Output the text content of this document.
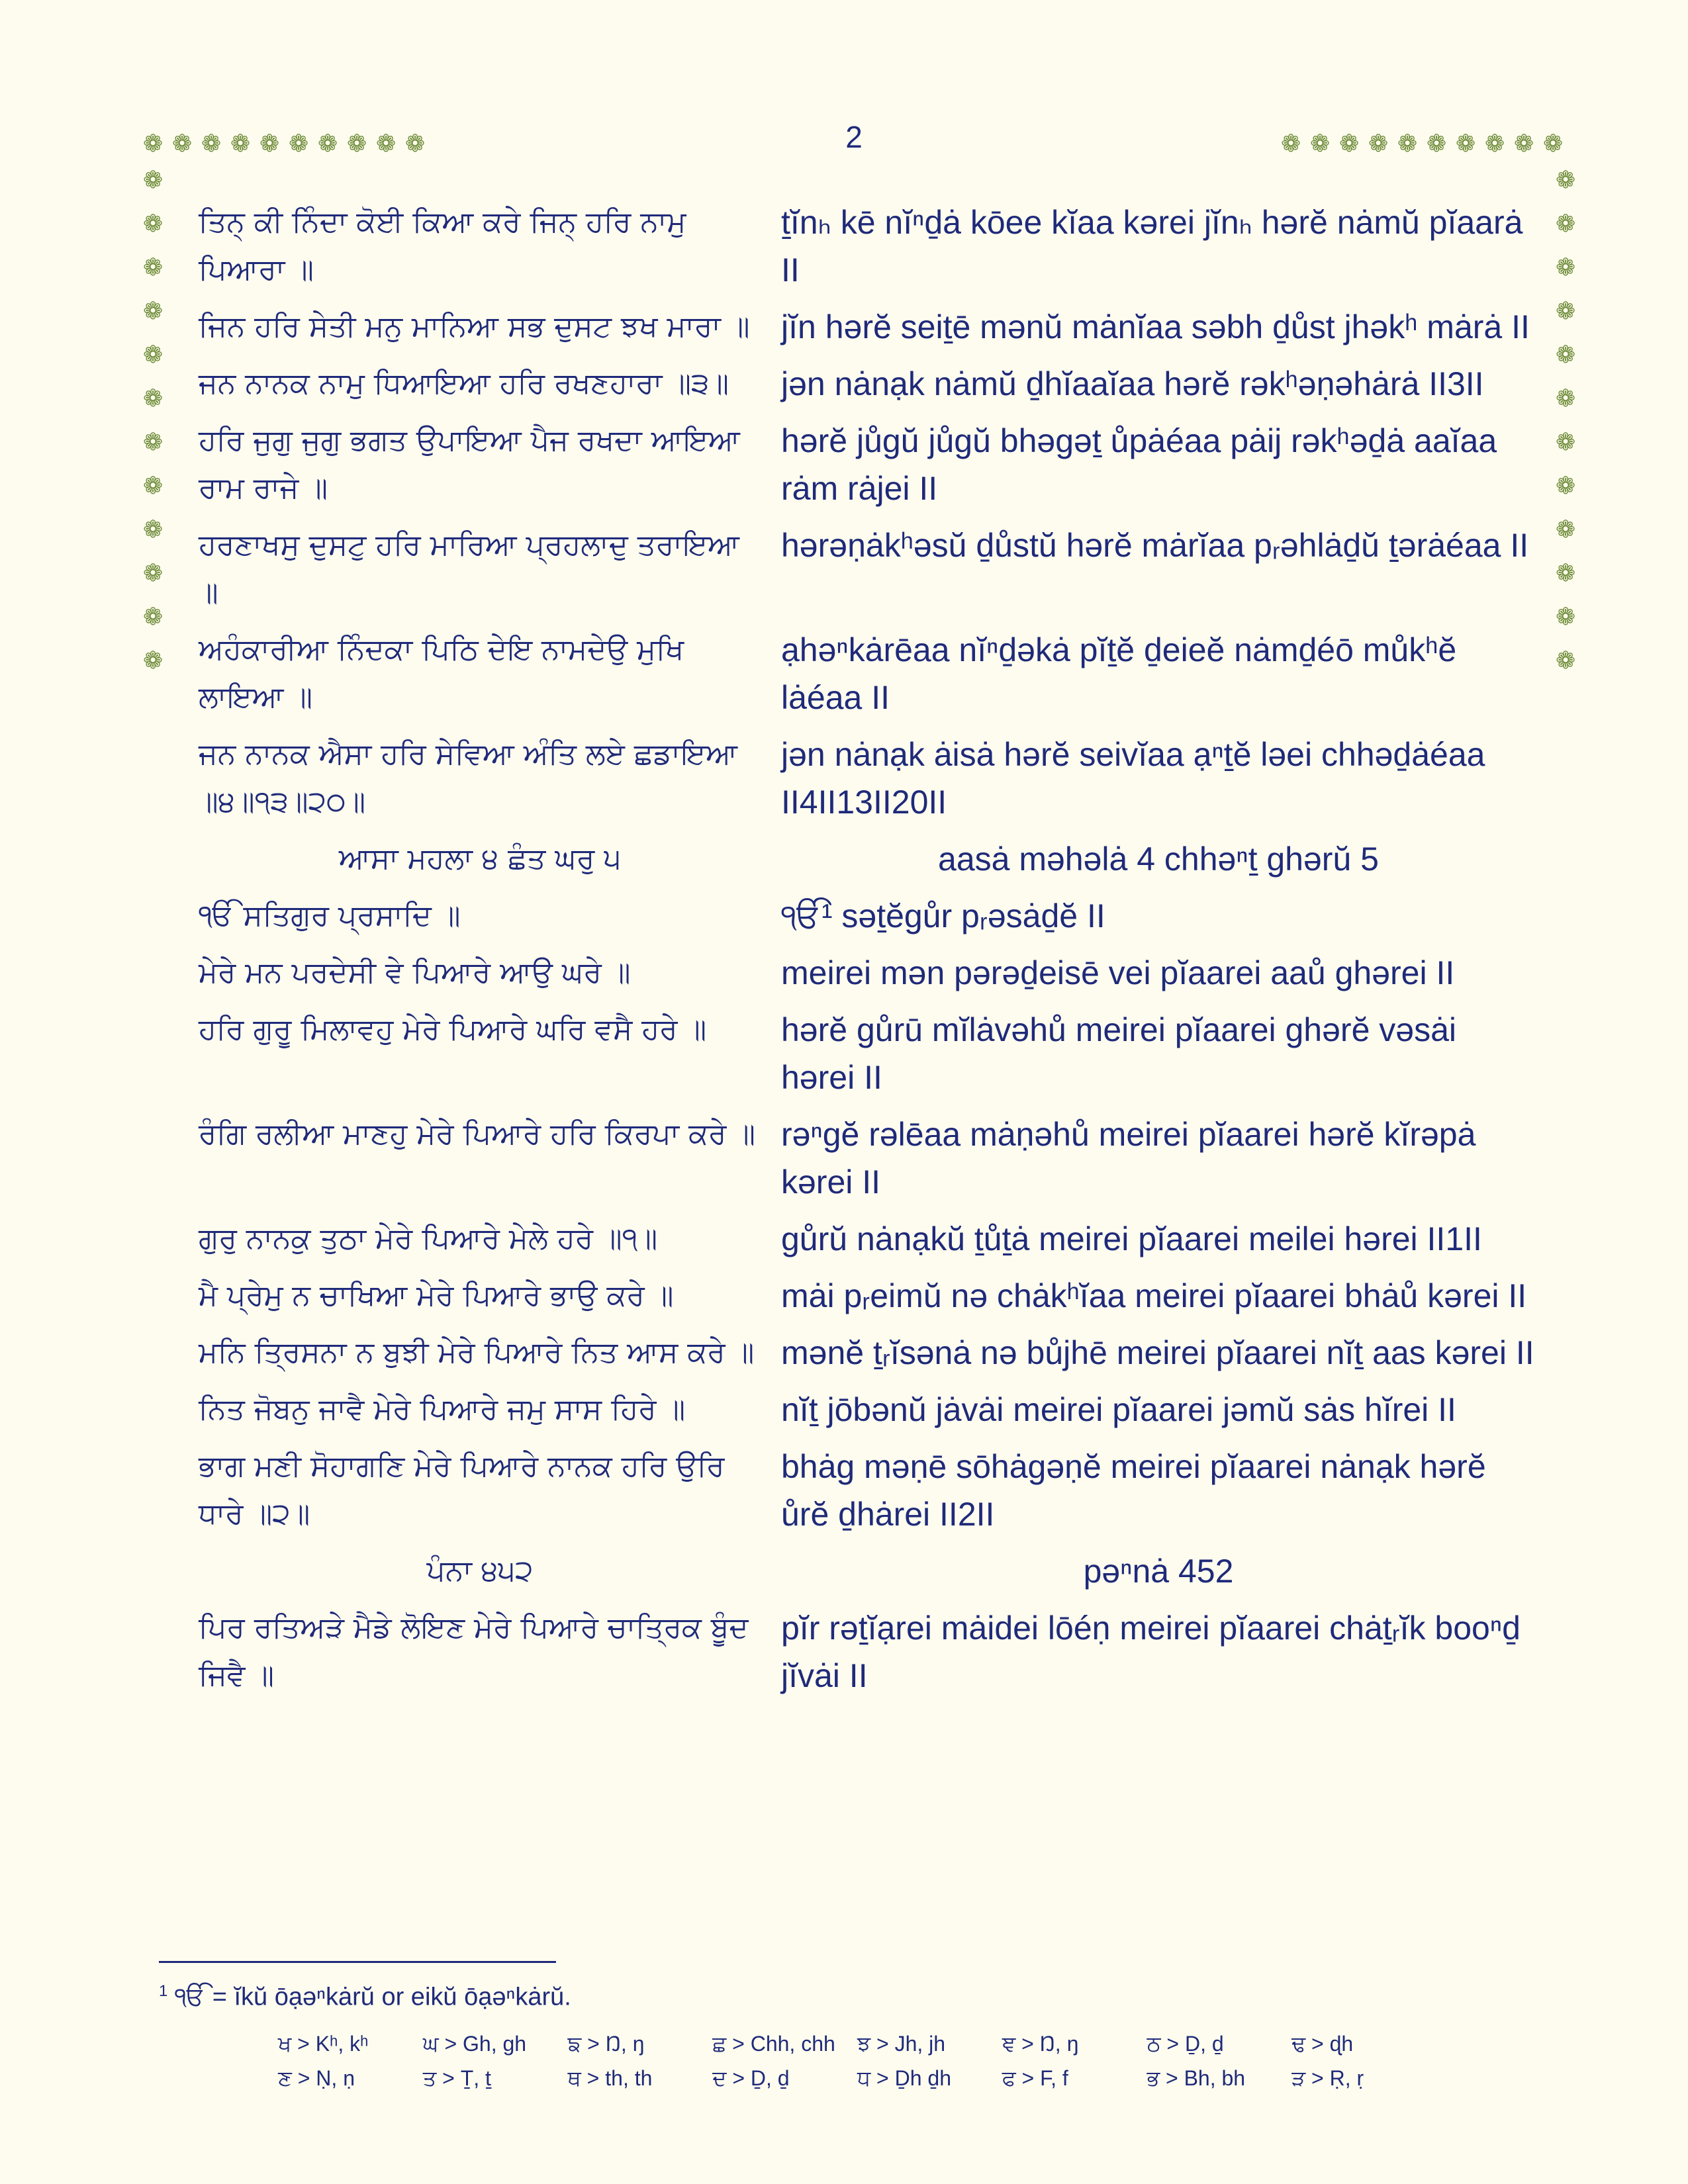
2
❁ ❁ ❁ ❁ ❁ ❁ ❁ ❁ ❁ ❁	❁ ❁ ❁ ❁ ❁ ❁ ❁ ❁ ❁ ❁
❁
❁
❁
❁
❁
❁
❁
❁
❁
❁
❁
❁
❁
❁
❁
❁
❁
❁
❁
❁
❁
❁
❁
❁
ਤਿਨ੍ ਕੀ ਨਿੰਦਾ ਕੋਈ ਕਿਆ ਕਰੇ ਜਿਨ੍ ਹਰਿ ਨਾਮੁ ਪਿਆਰਾ ॥
ṯĭnₕ kē nĭⁿḏȧ kōee kĭaa kərei jĭnₕ hərĕ nȧmŭ pĭaarȧ II
ਜਿਨ ਹਰਿ ਸੇਤੀ ਮਨੁ ਮਾਨਿਆ ਸਭ ਦੁਸਟ ਝਖ ਮਾਰਾ ॥ jĭn hərĕ seiṯē mənŭ mȧnĭaa səbh ḏůst jhəkʰ mȧrȧ II
ਜਨ ਨਾਨਕ ਨਾਮੁ ਧਿਆਇਆ ਹਰਿ ਰਖਣਹਾਰਾ ॥੩॥	jən nȧnạk nȧmŭ ḏhĭaaĭaa hərĕ rəkʰəṇəhȧrȧ II3II
ਹਰਿ ਜੁਗੁ ਜੁਗੁ ਭਗਤ ਉਪਾਇਆ ਪੈਜ ਰਖਦਾ ਆਇਆ ਰਾਮ ਰਾਜੇ ॥
hərĕ jůgŭ jůgŭ bhəgəṯ ůpȧéaa pȧij rəkʰəḏȧ aaĭaa rȧm rȧjei II
ਹਰਣਾਖਸੁ ਦੁਸਟੁ ਹਰਿ ਮਾਰਿਆ ਪ੍ਰਹਲਾਦੁ ਤਰਾਇਆ ॥
hərəṇȧkʰəsŭ ḏůstŭ hərĕ mȧrĭaa pᵣəhlȧḏŭ ṯərȧéaa II
ਅਹੰਕਾਰੀਆ ਨਿੰਦਕਾ ਪਿਠਿ ਦੇਇ ਨਾਮਦੇਉ ਮੁਖਿ ਲਾਇਆ ॥
ạhəⁿkȧrēaa nĭⁿḏəkȧ pĭṯĕ ḏeieĕ nȧmḏéō můkʰĕ lȧéaa II
ਜਨ ਨਾਨਕ ਐਸਾ ਹਰਿ ਸੇਵਿਆ ਅੰਤਿ ਲਏ ਛਡਾਇਆ ॥੪॥੧੩॥੨੦॥
jən nȧnạk ȧisȧ hərĕ seivĭaa ạⁿṯĕ ləei chhəḏȧéaa II4II13II20II
ਆਸਾ ਮਹਲਾ ੪ ਛੰਤ ਘਰੁ ੫	aasȧ məhəlȧ 4 chhəⁿṯ ghərŭ 5
ੴ ਸਤਿਗੁਰ ਪ੍ਰਸਾਦਿ ॥	ੴ¹ səṯĕgůr pᵣəsȧḏĕ II
ਮੇਰੇ ਮਨ ਪਰਦੇਸੀ ਵੇ ਪਿਆਰੇ ਆਉ ਘਰੇ ॥	meirei mən pərəḏeisē vei pĭaarei aaů ghərei II
ਹਰਿ ਗੁਰੂ ਮਿਲਾਵਹੁ ਮੇਰੇ ਪਿਆਰੇ ਘਰਿ ਵਸੈ ਹਰੇ ॥	hərĕ gůrū mĭlȧvəhů meirei pĭaarei ghərĕ vəsȧi hərei II
ਰੰਗਿ ਰਲੀਆ ਮਾਣਹੁ ਮੇਰੇ ਪਿਆਰੇ ਹਰਿ ਕਿਰਪਾ ਕਰੇ ॥ rəⁿgĕ rəlēaa mȧṇəhů meirei pĭaarei hərĕ kĭrəpȧ kərei II
ਗੁਰੁ ਨਾਨਕੁ ਤੁਠਾ ਮੇਰੇ ਪਿਆਰੇ ਮੇਲੇ ਹਰੇ ॥੧॥	gůrŭ nȧnạkŭ ṯůṯȧ meirei pĭaarei meilei hərei II1II
ਮੈ ਪ੍ਰੇਮੁ ਨ ਚਾਖਿਆ ਮੇਰੇ ਪਿਆਰੇ ਭਾਉ ਕਰੇ ॥	mȧi pᵣeimŭ nə chȧkʰĭaa meirei pĭaarei bhȧů kərei II
ਮਨਿ ਤ੍ਰਿਸਨਾ ਨ ਬੁਝੀ ਮੇਰੇ ਪਿਆਰੇ ਨਿਤ ਆਸ ਕਰੇ ॥ mənĕ ṯᵣĭsənȧ nə bůjhē meirei pĭaarei nĭṯ aas kərei II
ਨਿਤ ਜੋਬਨੁ ਜਾਵੈ ਮੇਰੇ ਪਿਆਰੇ ਜਮੁ ਸਾਸ ਹਿਰੇ ॥	nĭṯ jōbənŭ jȧvȧi meirei pĭaarei jəmŭ sȧs hĭrei II
ਭਾਗ ਮਣੀ ਸੋਹਾਗਣਿ ਮੇਰੇ ਪਿਆਰੇ ਨਾਨਕ ਹਰਿ ਉਰਿ ਧਾਰੇ ॥੨॥
bhȧg məṇē sōhȧgəṇĕ meirei pĭaarei nȧnạk hərĕ ůrĕ ḏhȧrei II2II
ਪੰਨਾ ੪੫੨	pəⁿnȧ 452
ਪਿਰ ਰਤਿਅੜੇ ਮੈਡੇ ਲੋਇਣ ਮੇਰੇ ਪਿਆਰੇ ਚਾਤ੍ਰਿਕ ਬੂੰਦ ਜਿਵੈ ॥
pĭr rəṯĭạrei mȧidei lōéṇ meirei pĭaarei chȧṯᵣĭk booⁿḏ jĭvȧi II
$^1$ ੴ = ĭkŭ ōạəⁿkȧrŭ or eikŭ ōạəⁿkȧrŭ.
ਖ > Kʰ, kʰ	ਘ > Gh, gh	ਙ > Ŋ, ŋ	ਛ > Chh, chh	ਝ > Jh, jh	ਞ > Ŋ, ŋ	ਠ > Ḏ, ḏ	ਢ > ɖh
ਣ > Ṇ, ṇ	ਤ > Ṯ, ṯ	ਥ > th, th	ਦ > Ḏ, ḏ	ਧ > Ḏh ḏh	ਫ > F, f	ਭ > Bh, bh	ੜ > Ṛ, ṛ
